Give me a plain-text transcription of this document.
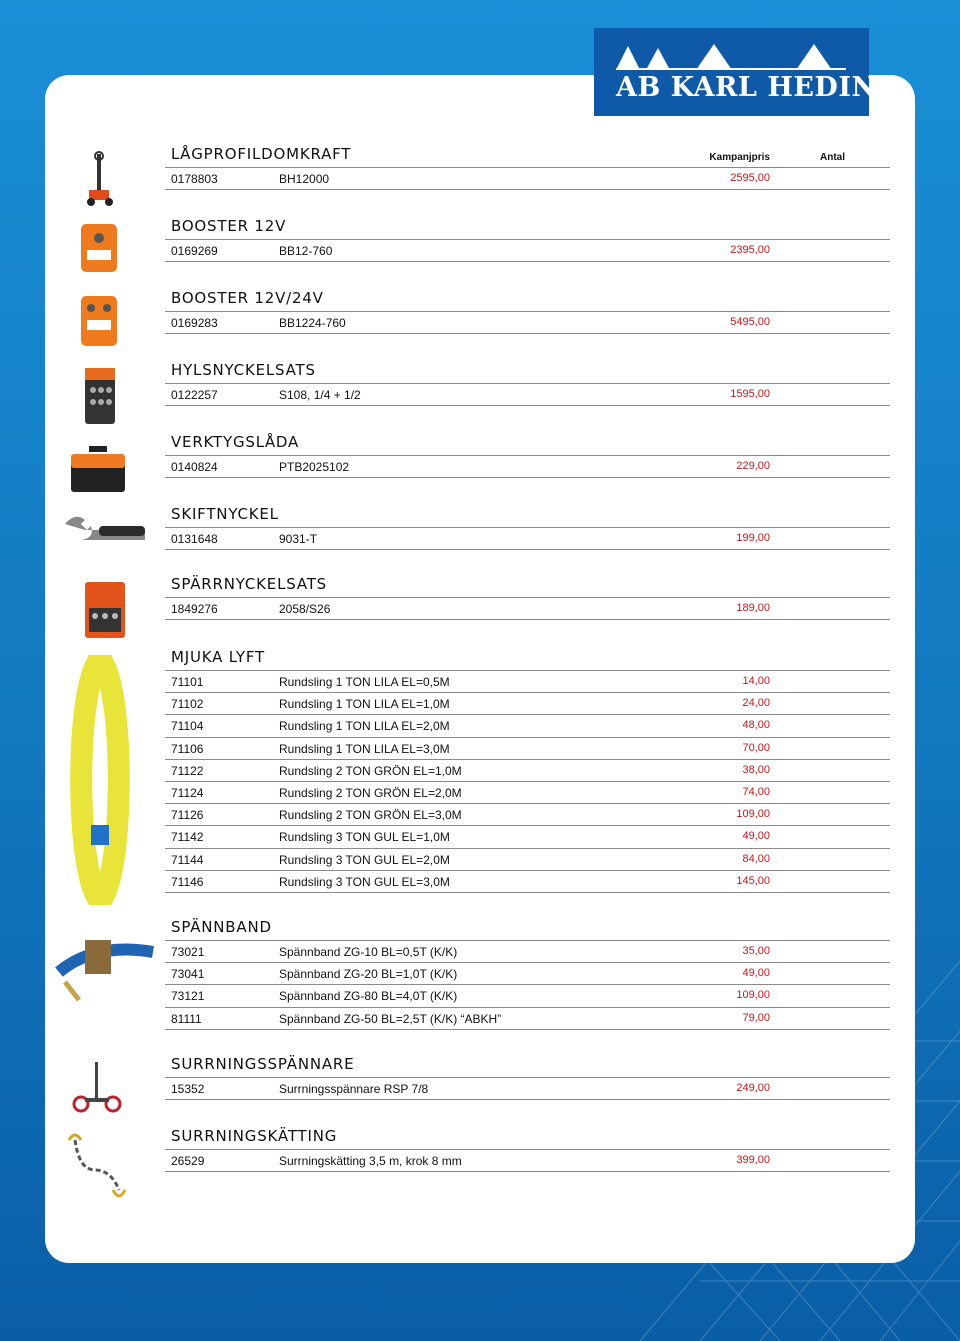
AB KARL HEDIN
LÅGPROFILDOMKRAFT	Kampanjpris	Antal
0178803	BH12000	2595,00
BOOSTER 12V
0169269	BB12-760	2395,00
BOOSTER 12V/24V
0169283	BB1224-760	5495,00
HYLSNYCKELSATS
0122257	S108, 1/4 + 1/2	1595,00
VERKTYGSLÅDA
0140824	PTB2025102	229,00
SKIFTNYCKEL
0131648	9031-T	199,00
SPÄRRNYCKELSATS
1849276	2058/S26	189,00
MJUKA LYFT
71101	Rundsling 1 TON LILA EL=0,5M	14,00
71102	Rundsling 1 TON LILA EL=1,0M	24,00
71104	Rundsling 1 TON LILA EL=2,0M	48,00
71106	Rundsling 1 TON LILA EL=3,0M	70,00
71122	Rundsling 2 TON GRÖN EL=1,0M	38,00
71124	Rundsling 2 TON GRÖN EL=2,0M	74,00
71126	Rundsling 2 TON GRÖN EL=3,0M	109,00
71142	Rundsling 3 TON GUL EL=1,0M	49,00
71144	Rundsling 3 TON GUL EL=2,0M	84,00
71146	Rundsling 3 TON GUL EL=3,0M	145,00
SPÄNNBAND
73021	Spännband ZG-10 BL=0,5T (K/K)	35,00
73041	Spännband ZG-20 BL=1,0T (K/K)	49,00
73121	Spännband ZG-80 BL=4,0T (K/K)	109,00
81111	Spännband ZG-50 BL=2,5T (K/K) “ABKH”	79,00
SURRNINGSSPÄNNARE
15352	Surrningsspännare RSP 7/8	249,00
SURRNINGSKÄTTING
26529	Surrningskätting 3,5 m, krok 8 mm	399,00
